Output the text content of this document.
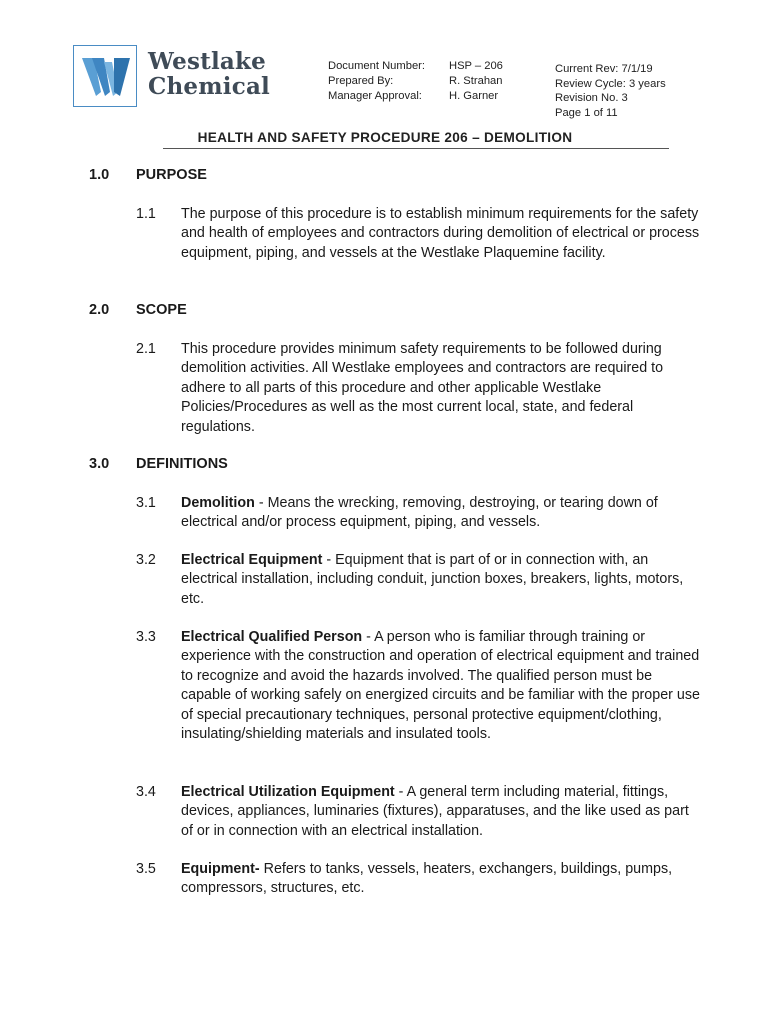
Westlake
Chemical
Document Number:
Prepared By:
Manager Approval:
HSP – 206
R. Strahan
H. Garner
Current Rev: 7/1/19
Review Cycle: 3 years
Revision No. 3
Page 1 of 11
HEALTH AND SAFETY PROCEDURE 206 – DEMOLITION
1.0 PURPOSE
1.1 The purpose of this procedure is to establish minimum requirements for the safety and health of employees and contractors during demolition of electrical or process equipment, piping, and vessels at the Westlake Plaquemine facility.
2.0 SCOPE
2.1 This procedure provides minimum safety requirements to be followed during demolition activities. All Westlake employees and contractors are required to adhere to all parts of this procedure and other applicable Westlake Policies/Procedures as well as the most current local, state, and federal regulations.
3.0 DEFINITIONS
3.1 Demolition - Means the wrecking, removing, destroying, or tearing down of electrical and/or process equipment, piping, and vessels.
3.2 Electrical Equipment - Equipment that is part of or in connection with, an electrical installation, including conduit, junction boxes, breakers, lights, motors, etc.
3.3 Electrical Qualified Person - A person who is familiar through training or experience with the construction and operation of electrical equipment and trained to recognize and avoid the hazards involved. The qualified person must be capable of working safely on energized circuits and be familiar with the proper use of special precautionary techniques, personal protective equipment/clothing, insulating/shielding materials and insulated tools.
3.4 Electrical Utilization Equipment - A general term including material, fittings, devices, appliances, luminaries (fixtures), apparatuses, and the like used as part of or in connection with an electrical installation.
3.5 Equipment- Refers to tanks, vessels, heaters, exchangers, buildings, pumps, compressors, structures, etc.
